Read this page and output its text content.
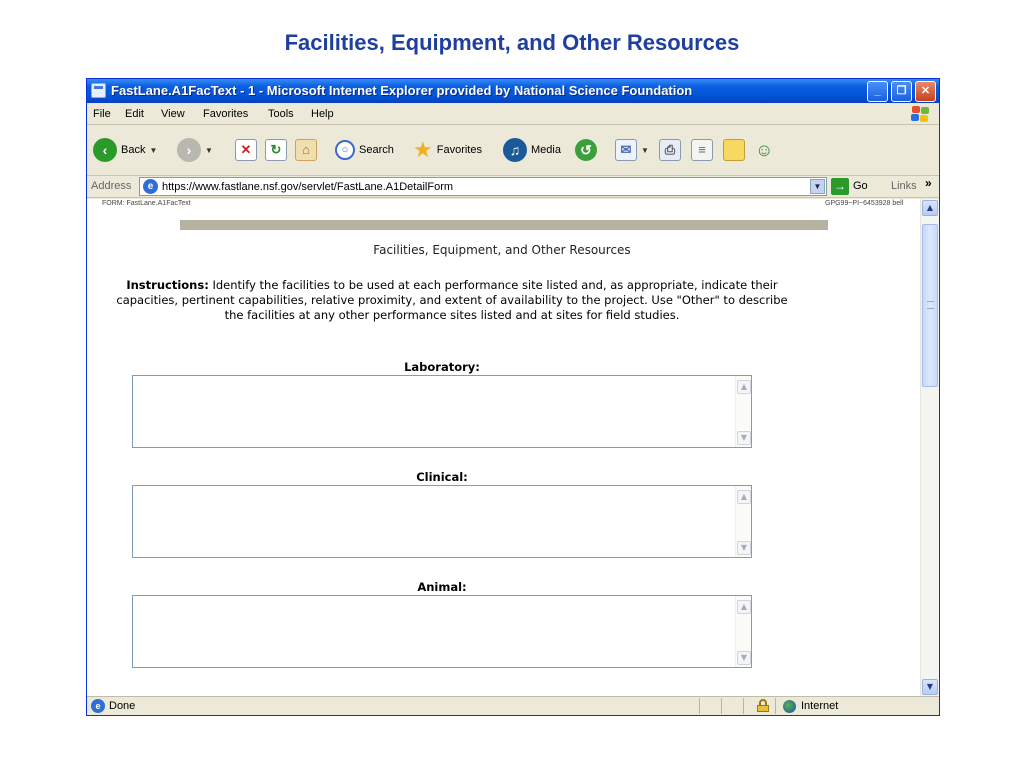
Facilities, Equipment, and Other Resources
FastLane.A1FacText - 1 - Microsoft Internet Explorer provided by National Science Foundation	_	❐	✕
File Edit View Favorites Tools Help
‹	Back ▼	›	▼	✕	↻	⌂	○ Search ★ Favorites	♫ Media	↺	✉	▼	⎙	≡	☺
Address	e https://www.fastlane.nsf.gov/servlet/FastLane.A1DetailForm	▼ → Go Links »
FORM: FastLane.A1FacText	GPG99~PI~6453928 bell
Facilities, Equipment, and Other Resources
Instructions: Identify the facilities to be used at each performance site listed and, as appropriate, indicate their capacities, pertinent capabilities, relative proximity, and extent of availability to the project. Use "Other" to describe the facilities at any other performance sites listed and at sites for field studies.
Laboratory:
▲
▼
Clinical:
▲
▼
Animal:
▲
▼
▲
▼
e Done	Internet
